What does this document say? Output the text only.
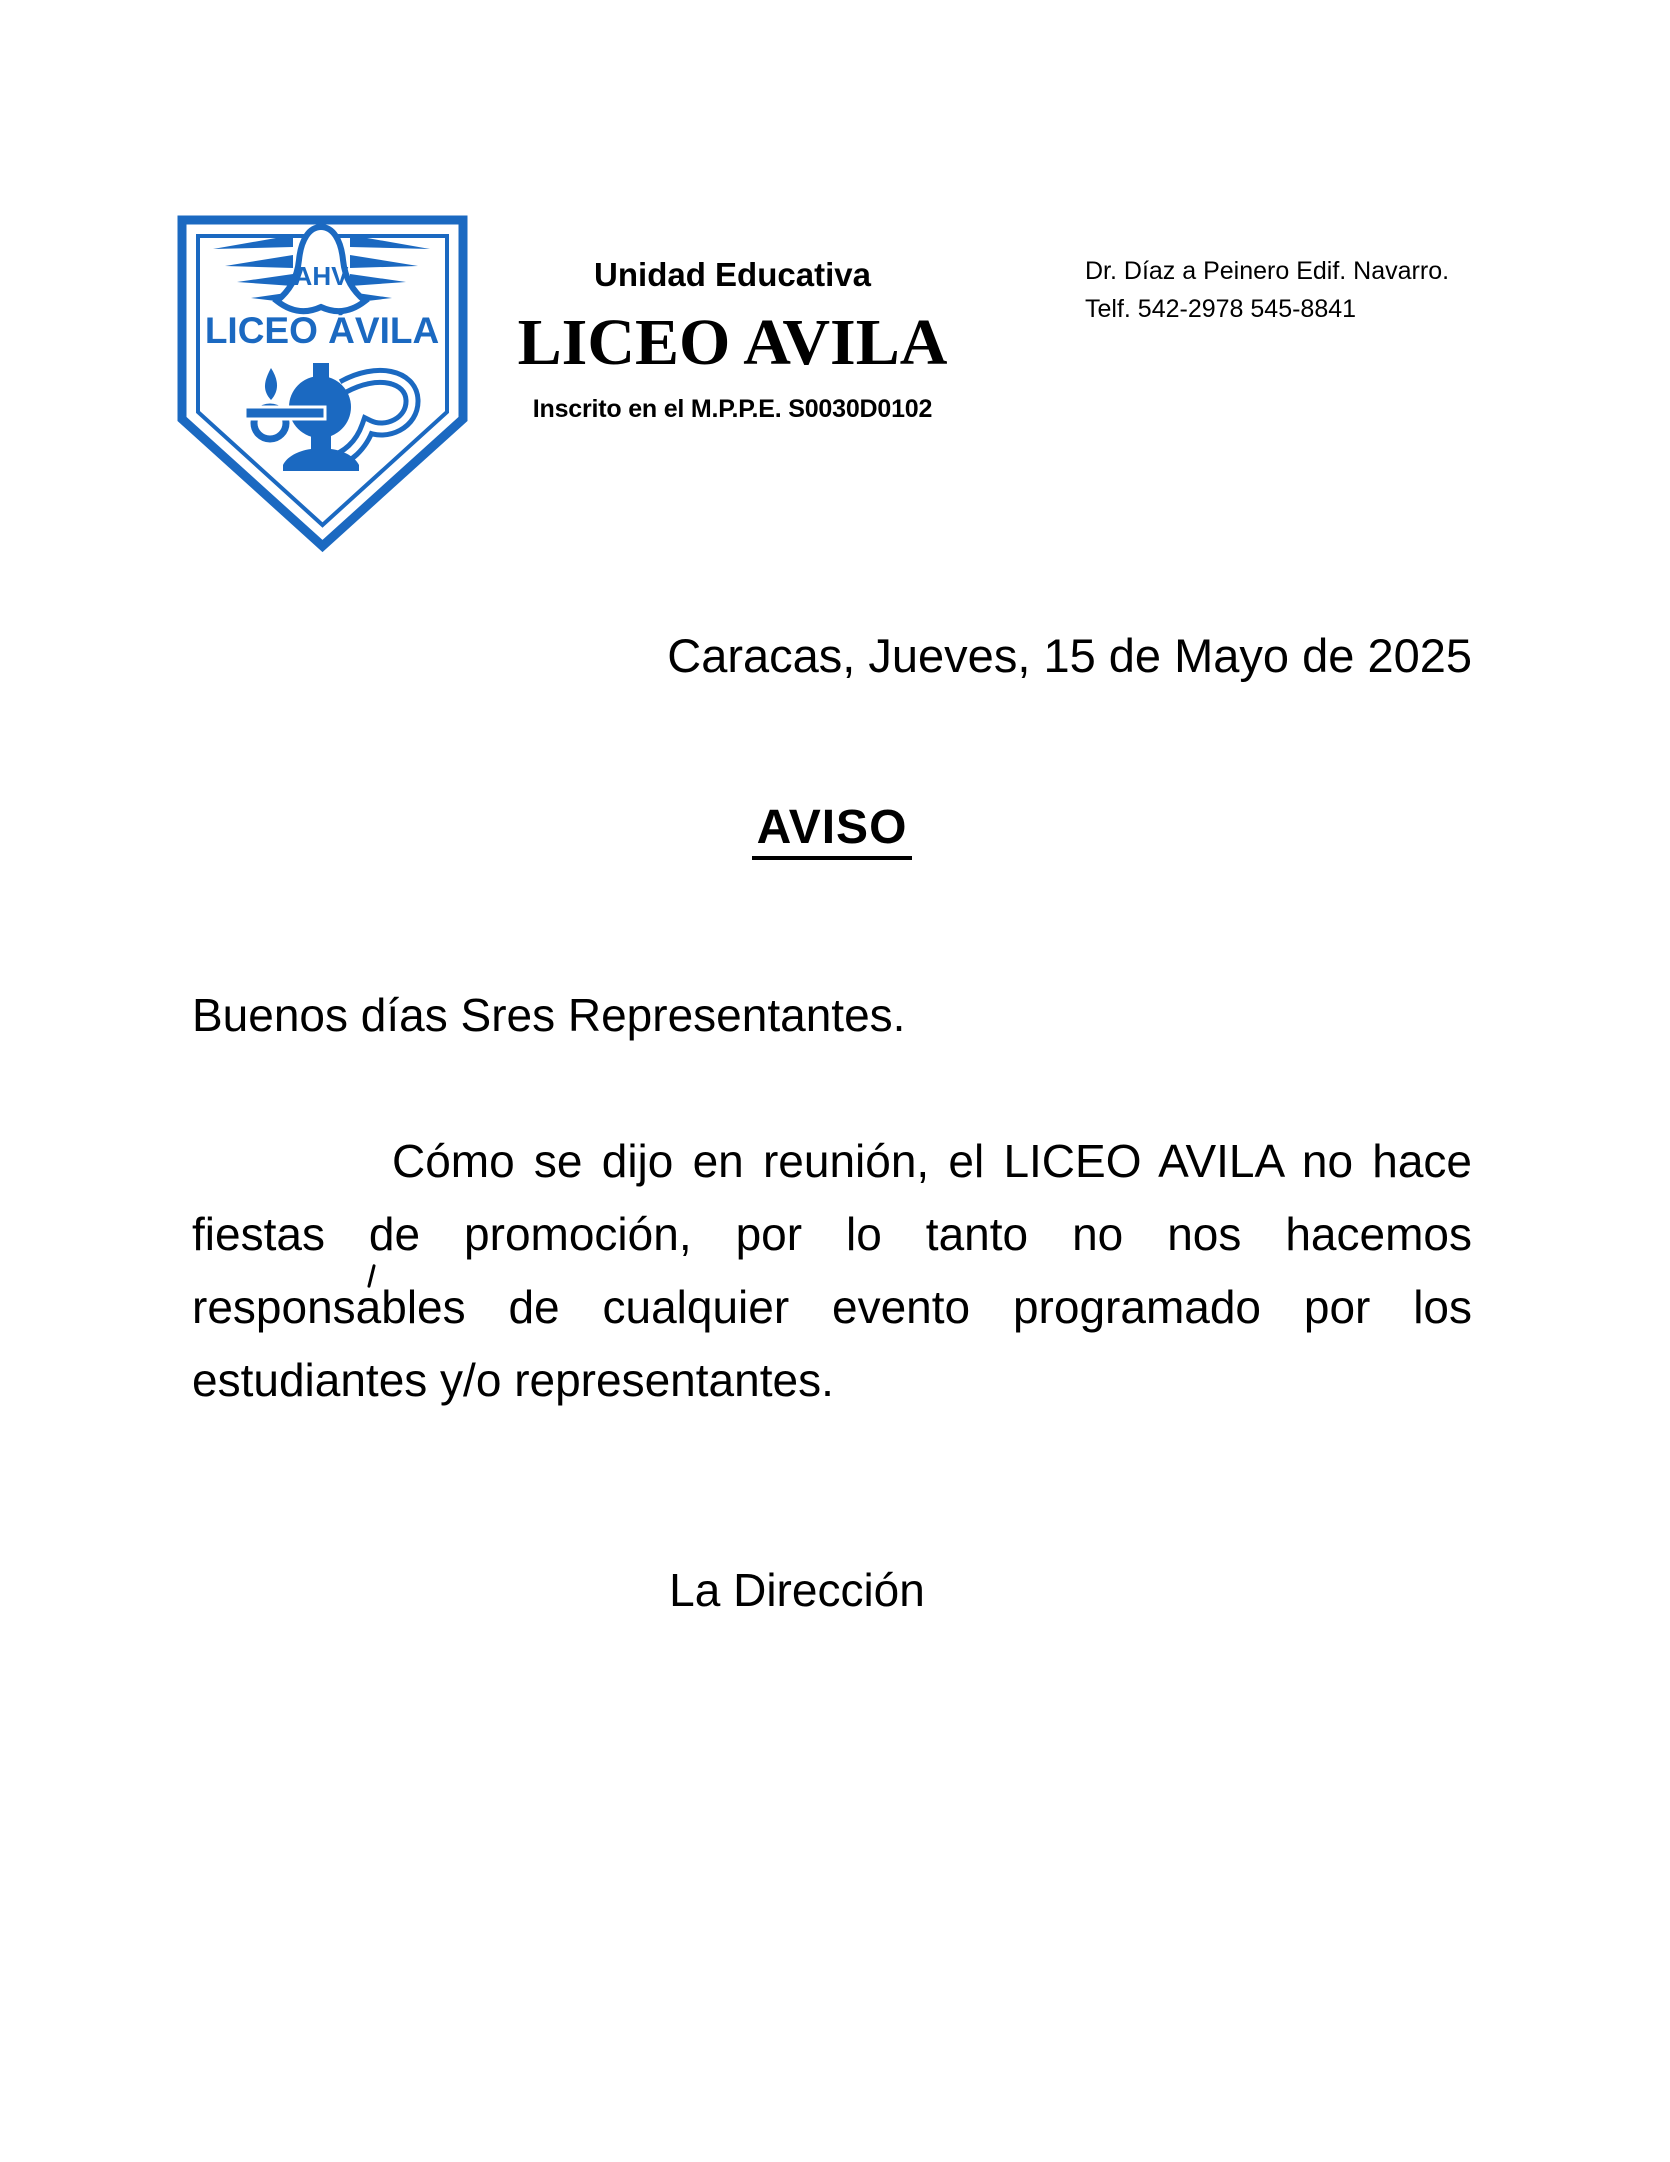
AHV
LICEO ÁVILA
Unidad Educativa
LICEO AVILA
Inscrito en el M.P.P.E. S0030D0102
Dr. Díaz a Peinero Edif. Navarro.
Telf. 542-2978 545-8841
Caracas, Jueves, 15 de Mayo de 2025
AVISO

Buenos días Sres Representantes.

Cómo se dijo en reunión, el LICEO AVILA no hace fiestas de promoción, por lo tanto no nos hacemos responsables de cualquier evento programado por los estudiantes y/o representantes.

La Dirección
